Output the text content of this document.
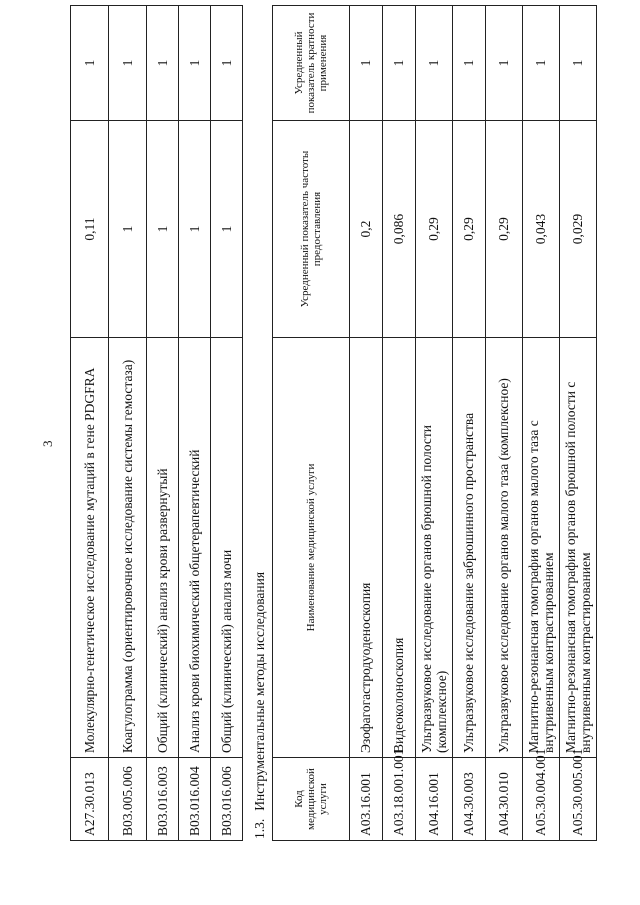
3
A27.30.013	Молекулярно-генетическое исследование мутаций в гене PDGFRA	0,11	1
B03.005.006	Коагулограмма (ориентировочное исследование системы гемостаза)	1	1
B03.016.003	Общий (клинический) анализ крови развернутый	1	1
B03.016.004	Анализ крови биохимический общетерапевтический	1	1
B03.016.006	Общий (клинический) анализ мочи	1	1
1.3.Инструментальные методы исследования Код медицинской услуги	Наименование медицинской услуги	Усредненный показатель частоты предоставления	Усредненный показатель кратности применения
A03.16.001	Эзофагогастродуоденоскопия	0,2	1
A03.18.001.001	Видеоколоноскопия	0,086	1
A04.16.001	Ультразвуковое исследование органов брюшной полости (комплексное)	0,29	1
A04.30.003	Ультразвуковое исследование забрюшинного пространства	0,29	1
A04.30.010	Ультразвуковое исследование органов малого таза (комплексное)	0,29	1
A05.30.004.001	Магнитно-резонансная томография органов малого таза с внутривенным контрастированием	0,043	1
A05.30.005.001	Магнитно-резонансная томография органов брюшной полости с внутривенным контрастированием	0,029	1
